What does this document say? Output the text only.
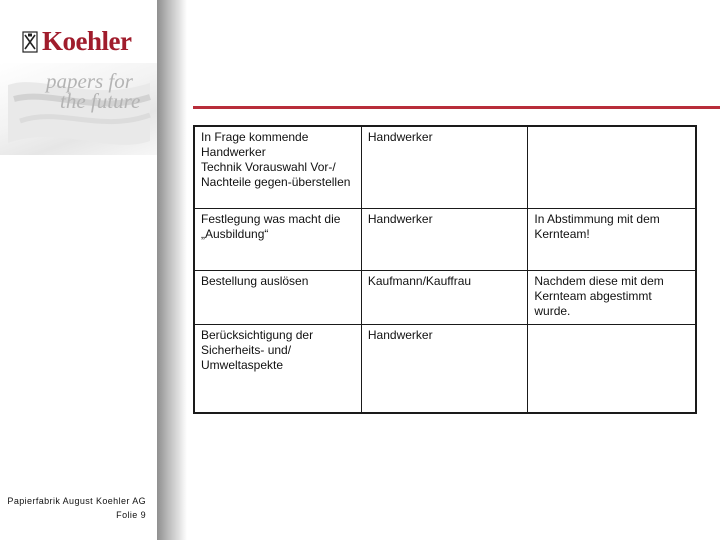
Koehler
papers for
the future
Papierfabrik August Koehler AG
Folie 9
In Frage kommende
Handwerker
Technik Vorauswahl Vor-/
Nachteile gegen-überstellen	Handwerker	

Festlegung was macht die
„Ausbildung“	Handwerker	In Abstimmung mit dem
Kernteam!

Bestellung auslösen	Kaufmann/Kauffrau	Nachdem diese mit dem
Kernteam abgestimmt wurde.

Berücksichtigung der
Sicherheits- und/
Umweltaspekte	Handwerker	
